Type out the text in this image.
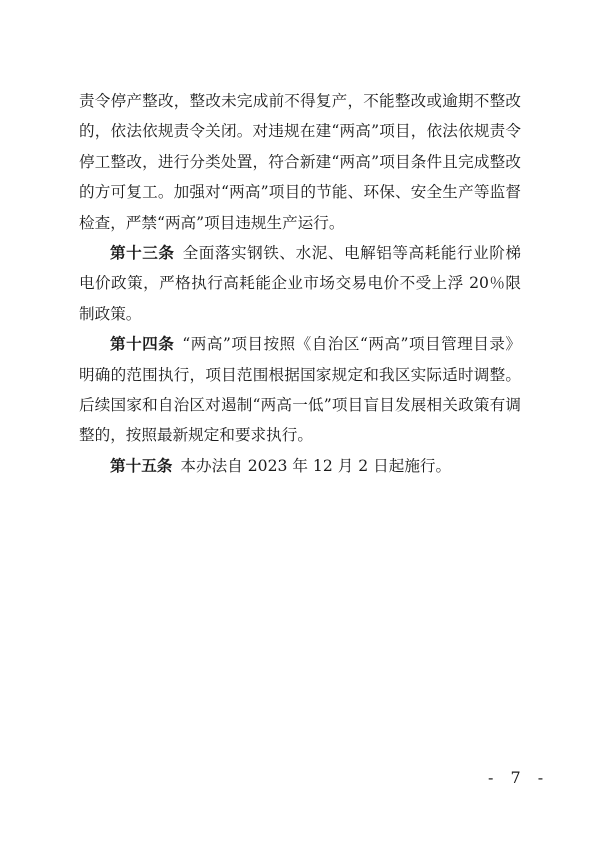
责令停产整改，整改未完成前不得复产，不能整改或逾期不整改的，依法依规责令关闭。对违规在建“两高”项目，依法依规责令停工整改，进行分类处置，符合新建“两高”项目条件且完成整改的方可复工。加强对“两高”项目的节能、环保、安全生产等监督检查，严禁“两高”项目违规生产运行。

第十三条 全面落实钢铁、水泥、电解铝等高耗能行业阶梯电价政策，严格执行高耗能企业市场交易电价不受上浮 20％限制政策。

第十四条 “两高”项目按照《自治区“两高”项目管理目录》明确的范围执行，项目范围根据国家规定和我区实际适时调整。后续国家和自治区对遏制“两高一低”项目盲目发展相关政策有调整的，按照最新规定和要求执行。

第十五条 本办法自 2023 年 12 月 2 日起施行。

- 7 -
